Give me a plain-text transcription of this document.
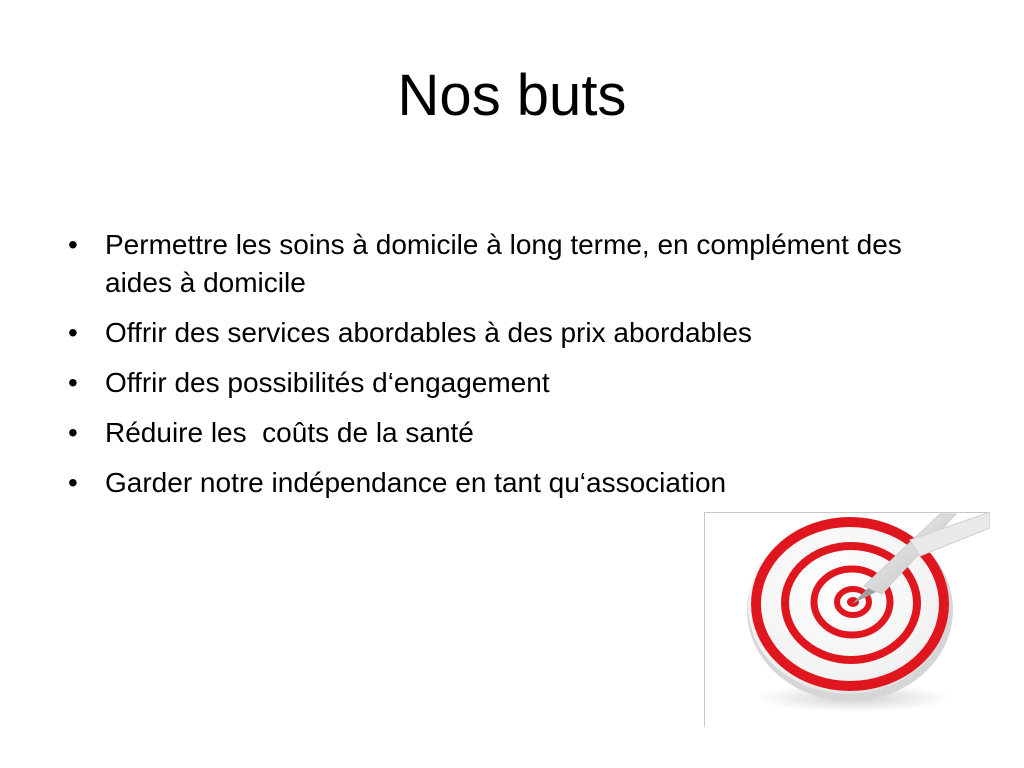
Nos buts
• Permettre les soins à domicile à long terme, en complément des aides à domicile
• Offrir des services abordables à des prix abordables
• Offrir des possibilités d‘engagement
• Réduire les  coûts de la santé
• Garder notre indépendance en tant qu‘association
